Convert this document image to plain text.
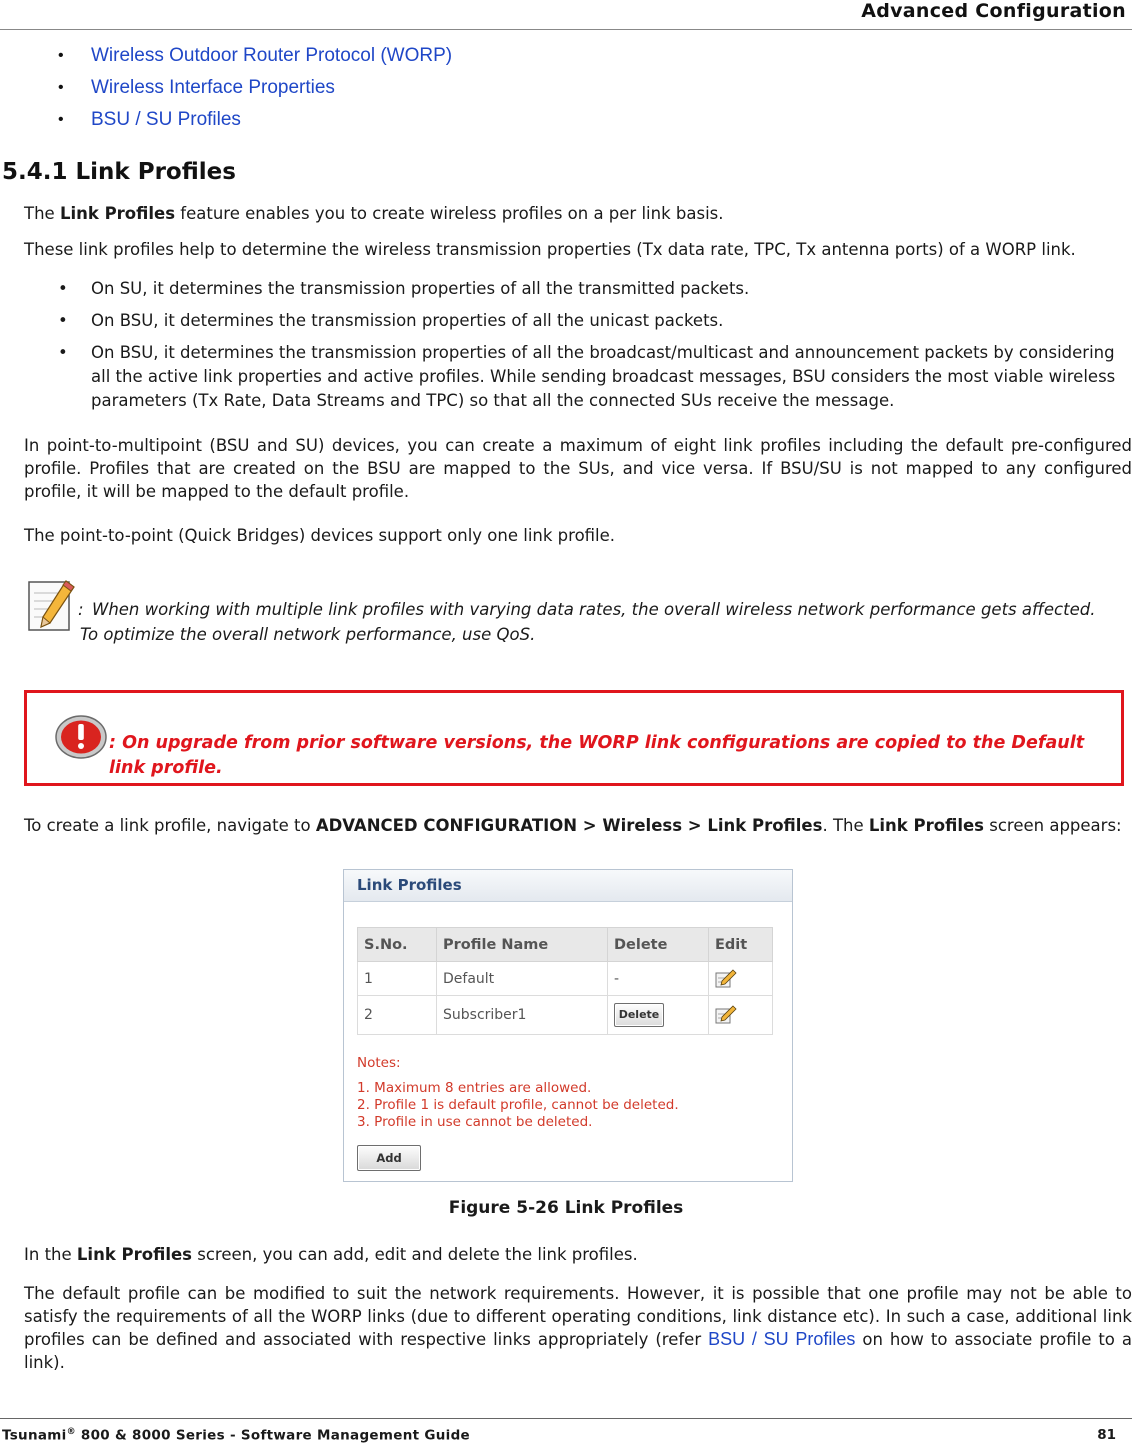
Advanced Configuration
• Wireless Outdoor Router Protocol (WORP)
• Wireless Interface Properties
• BSU / SU Profiles
5.4.1 Link Profiles

The Link Profiles feature enables you to create wireless profiles on a per link basis.

These link profiles help to determine the wireless transmission properties (Tx data rate, TPC, Tx antenna ports) of a WORP link.

• On SU, it determines the transmission properties of all the transmitted packets.
• On BSU, it determines the transmission properties of all the unicast packets.
• On BSU, it determines the transmission properties of all the broadcast/multicast and announcement packets by considering all the active link properties and active profiles. While sending broadcast messages, BSU considers the most viable wireless parameters (Tx Rate, Data Streams and TPC) so that all the connected SUs receive the message.

In point-to-multipoint (BSU and SU) devices, you can create a maximum of eight link profiles including the default pre-configured profile. Profiles that are created on the BSU are mapped to the SUs, and vice versa. If BSU/SU is not mapped to any configured profile, it will be mapped to the default profile.

The point-to-point (Quick Bridges) devices support only one link profile.

: When working with multiple link profiles with varying data rates, the overall wireless network performance gets affected. To optimize the overall network performance, use QoS.

: On upgrade from prior software versions, the WORP link configurations are copied to the Default link profile.

To create a link profile, navigate to ADVANCED CONFIGURATION > Wireless > Link Profiles. The Link Profiles screen appears:

Link Profiles
S.No.	Profile Name	Delete	Edit
1	Default	-	
2	Subscriber1	Delete	
Notes:
1. Maximum 8 entries are allowed.
2. Profile 1 is default profile, cannot be deleted.
3. Profile in use cannot be deleted.
Add
Figure 5-26 Link Profiles

In the Link Profiles screen, you can add, edit and delete the link profiles.

The default profile can be modified to suit the network requirements. However, it is possible that one profile may not be able to satisfy the requirements of all the WORP links (due to different operating conditions, link distance etc). In such a case, additional link profiles can be defined and associated with respective links appropriately (refer BSU / SU Profiles on how to associate profile to a link).

Tsunami® 800 & 8000 Series - Software Management Guide	81
